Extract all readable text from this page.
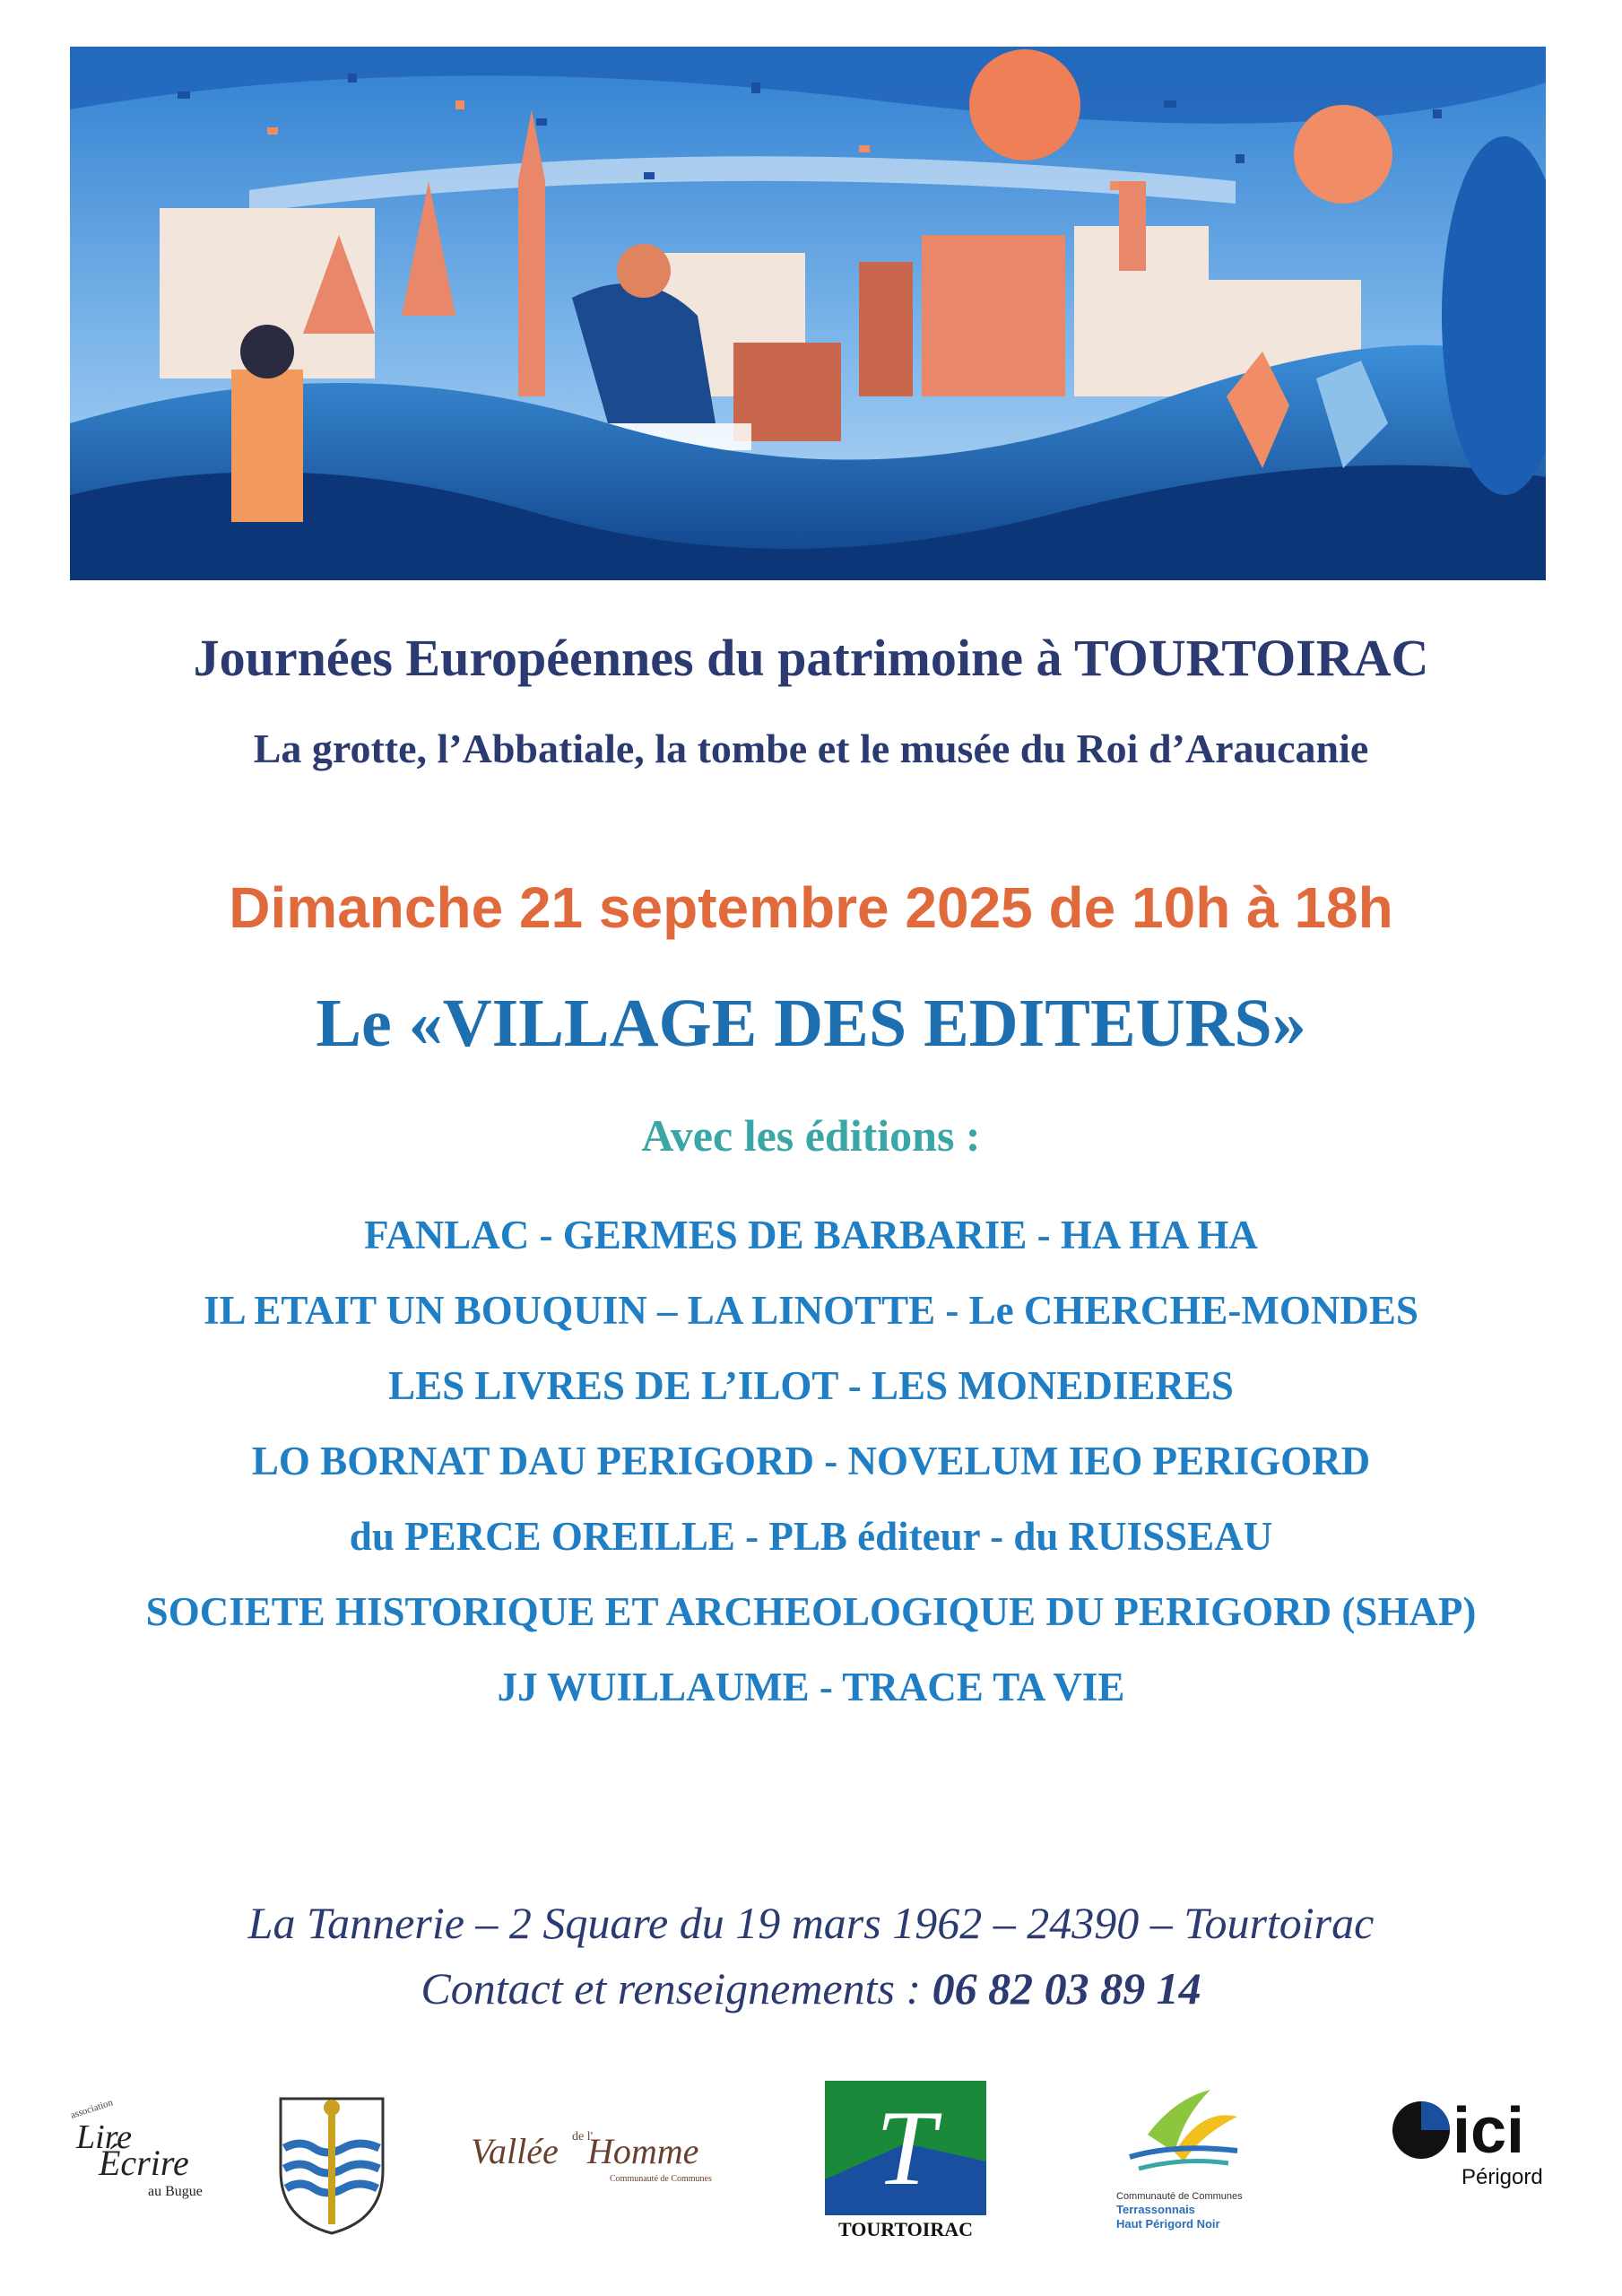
Journées Européennes du patrimoine à TOURTOIRAC
La grotte, l’Abbatiale, la tombe et le musée du Roi d’Araucanie
Dimanche 21 septembre 2025 de 10h à 18h
Le «VILLAGE DES EDITEURS»
Avec les éditions :
FANLAC - GERMES DE BARBARIE - HA HA HA
IL ETAIT UN BOUQUIN – LA LINOTTE - Le CHERCHE-MONDES
LES LIVRES DE L’ILOT - LES MONEDIERES
LO BORNAT DAU PERIGORD - NOVELUM IEO PERIGORD
du PERCE OREILLE - PLB éditeur - du RUISSEAU
SOCIETE HISTORIQUE ET ARCHEOLOGIQUE DU PERIGORD (SHAP)
JJ WUILLAUME - TRACE TA VIE
La Tannerie – 2 Square du 19 mars 1962 – 24390 – Tourtoirac
Contact et renseignements : 06 82 03 89 14
association
Lire
Écrire
au Bugue
Vallée de l'
Homme
Communauté de Communes T
TOURTOIRAC
Communauté de Communes
Terrassonnais
Haut Périgord Noir
ici
Périgord
